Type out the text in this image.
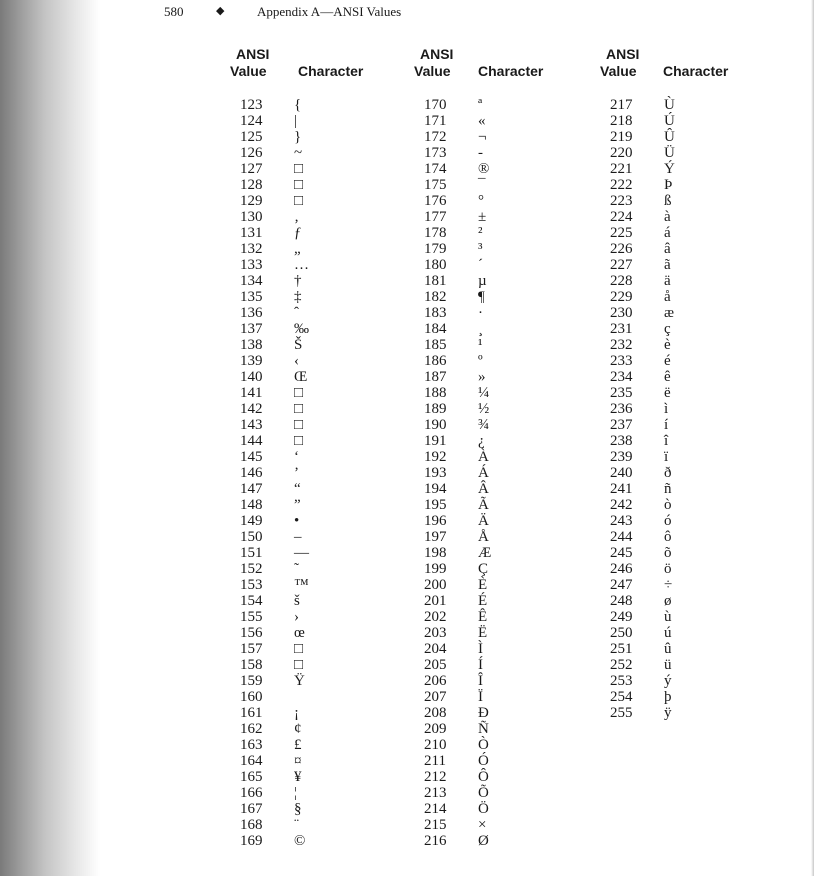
580	◆	Appendix A—ANSI Values
ANSI
Value Character
123 {
124 |
125 }
126 ~
127 □
128 □
129 □
130 ‚
131 ƒ
132 „
133 …
134 †
135 ‡
136 ˆ
137 ‰
138 Š
139 ‹
140 Œ
141 □
142 □
143 □
144 □
145 ‘
146 ’
147 “
148 ”
149 •
150 –
151 —
152 ˜
153 ™
154 š
155 ›
156 œ
157 □
158 □
159 Ÿ
160
161 ¡
162 ¢
163 £
164 ¤
165 ¥
166 ¦
167 §
168 ¨
169 ©
ANSI
Value Character
170 ª
171 «
172 ¬
173 -
174 ®
175 ¯
176 °
177 ±
178 ²
179 ³
180 ´
181 µ
182 ¶
183 ·
184 ¸
185 ¹
186 º
187 »
188 ¼
189 ½
190 ¾
191 ¿
192 À
193 Á
194 Â
195 Ã
196 Ä
197 Å
198 Æ
199 Ç
200 È
201 É
202 Ê
203 Ë
204 Ì
205 Í
206 Î
207 Ï
208 Ð
209 Ñ
210 Ò
211 Ó
212 Ô
213 Õ
214 Ö
215 ×
216 Ø
ANSI
Value Character
217 Ù
218 Ú
219 Û
220 Ü
221 Ý
222 Þ
223 ß
224 à
225 á
226 â
227 ã
228 ä
229 å
230 æ
231 ç
232 è
233 é
234 ê
235 ë
236 ì
237 í
238 î
239 ï
240 ð
241 ñ
242 ò
243 ó
244 ô
245 õ
246 ö
247 ÷
248 ø
249 ù
250 ú
251 û
252 ü
253 ý
254 þ
255 ÿ
